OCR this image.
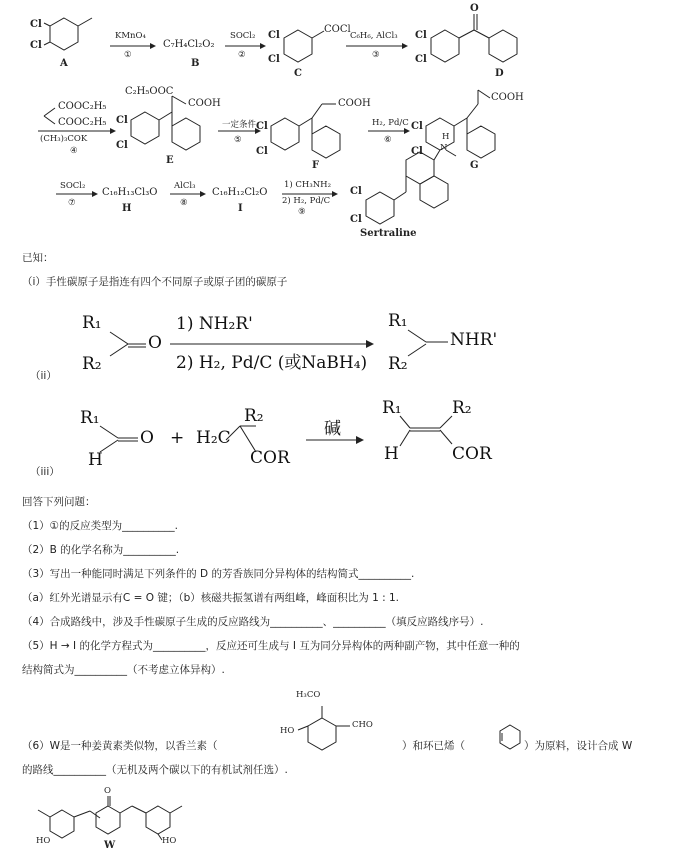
Cl
Cl
A
KMnO₄
①
C₇H₄Cl₂O₂
B
SOCl₂
②
Cl
Cl
COCl
C
C₆H₆, AlCl₃
③
Cl
Cl
O
D
COOC₂H₅
COOC₂H₅
(CH₃)₃COK
④
C₂H₅OOC
COOH
Cl
Cl
E
一定条件
⑤
COOH
Cl
Cl
F
H₂, Pd/C
⑥
COOH
Cl
Cl
G
SOCl₂
⑦
C₁₆H₁₃Cl₃O
H
AlCl₃
⑧
C₁₆H₁₂Cl₂O
I
1) CH₃NH₂
2) H₂, Pd/C
⑨
Cl
Cl
H
N
Sertraline
已知：
（ⅰ）手性碳原子是指连有四个不同原子或原子团的碳原子
R₁
R₂
O
1) NH₂R'
2) H₂, Pd/C (或NaBH₄)
R₁
R₂
NHR'
（ii）
R₁
H
O + H₂C
R₂
COR
碱
R₁
H
R₂
COR
（iii）
回答下列问题：
（1）①的反应类型为__________.
（2）B 的化学名称为__________.
（3）写出一种能同时满足下列条件的 D 的芳香族同分异构体的结构简式__________.
（a）红外光谱显示有C = O 键；（b）核磁共振氢谱有两组峰，峰面积比为 1 : 1.
（4）合成路线中，涉及手性碳原子生成的反应路线为__________、__________（填反应路线序号）.
（5）H → I 的化学方程式为__________，反应还可生成与 I 互为同分异构体的两种副产物，其中任意一种的
结构简式为__________（不考虑立体异构）.
H₃CO
HO
CHO
（6）W是一种姜黄素类似物，以香兰素（	）和环已烯（	）为原料，设计合成 W
的路线__________（无机及两个碳以下的有机试剂任选）.
O
HO	HO
W
